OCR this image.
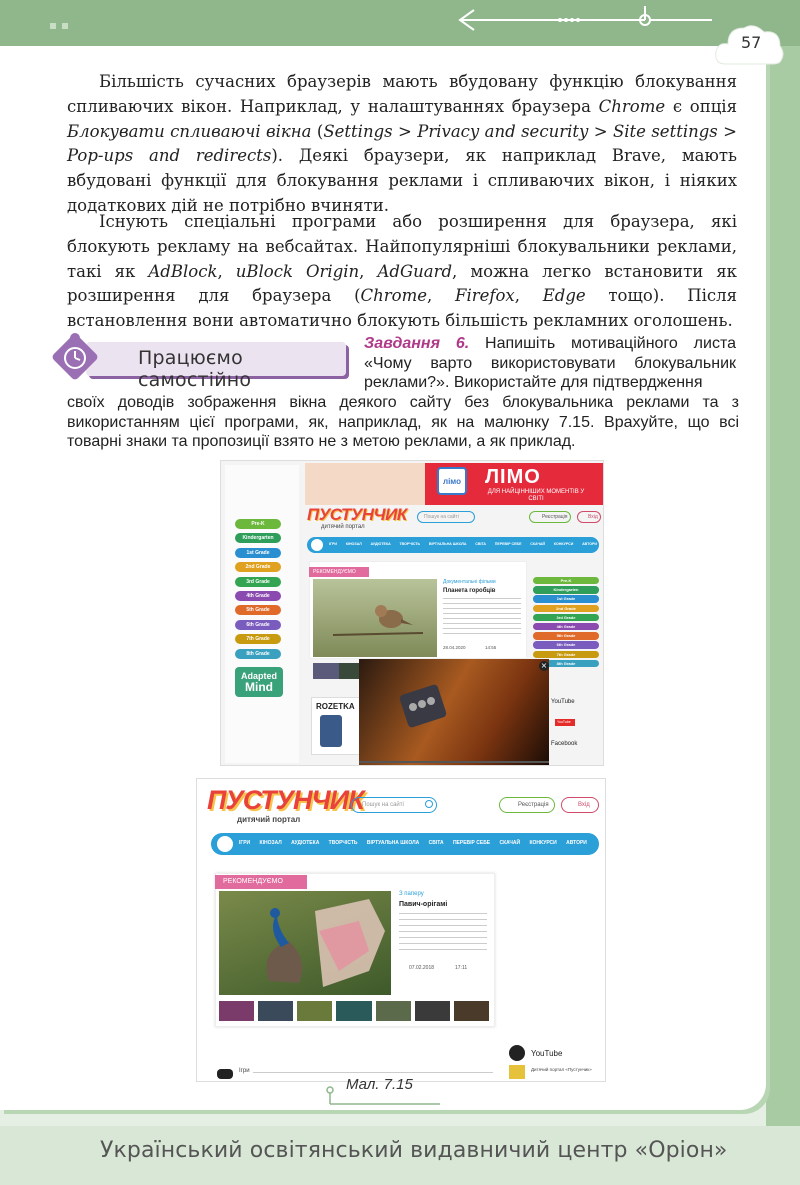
57
Більшість сучасних браузерів мають вбудовану функцію блокування спливаючих вікон. Наприклад, у налаштуваннях браузера Chrome є опція Блокувати спливаючі вікна (Settings > Privacy and security > Site settings > Pop-ups and redirects). Деякі браузери, як наприклад Brave, мають вбудовані функції для блокування реклами і спливаючих вікон, і ніяких додаткових дій не потрібно вчиняти.
Існують спеціальні програми або розширення для браузера, які блокують рекламу на вебсайтах. Найпопулярніші блокувальники реклами, такі як AdBlock, uBlock Origin, AdGuard, можна легко встановити як розширення для браузера (Chrome, Firefox, Edge тощо). Після встановлення вони автоматично блокують більшість рекламних оголошень.
Працюємо самостійно
Завдання 6. Напишіть мотиваційного листа «Чому варто використовувати блокувальник реклами?». Використайте для підтвердження
своїх доводів зображення вікна деякого сайту без блокувальника реклами та з використанням цієї програми, як, наприклад, як на малюнку 7.15. Врахуйте, що всі товарні знаки та пропозиції взято не з метою реклами, а як приклад.
Pre-K
Kindergarten
1st Grade
2nd Grade
3rd Grade
4th Grade
5th Grade
6th Grade
7th Grade
8th Grade
Adapted
Mind
лімо	ЛІМО
ДЛЯ НАЙЦІННІШИХ МОМЕНТІВ У СВІТІ
ПУСТУНЧИК
дитячий портал
Пошук на сайті	Реєстрація	Вхід
ІГРИ КІНОЗАЛ АУДІОТЕКА ТВОРЧІСТЬ ВІРТУАЛЬНА ШКОЛА СВІТА ПЕРЕВІР СЕБЕ СКАЧАЙ КОНКУРСИ АВТОРИ
РЕКОМЕНДУЄМО
Документальні фільми
Планета горобців
28.04.2020	14:55
Pre-K
Kindergarten
1st Grade
2nd Grade
3rd Grade
4th Grade
5th Grade
6th Grade
7th Grade
8th Grade
ROZETKA
×
YouTube
YouTube
Facebook
ПУСТУНЧИК
дитячий портал
Пошук на сайті	Реєстрація	Вхід
ІГРИ КІНОЗАЛ АУДІОТЕКА ТВОРЧІСТЬ ВІРТУАЛЬНА ШКОЛА СВІТА ПЕРЕВІР СЕБЕ СКАЧАЙ КОНКУРСИ АВТОРИ
РЕКОМЕНДУЄМО
З паперу
Павич-орігамі
07.02.2018	17:11
YouTube
Дитячий портал «Пустунчик»
Ігри
Мал. 7.15
Український освітянський видавничий центр «Оріон»
